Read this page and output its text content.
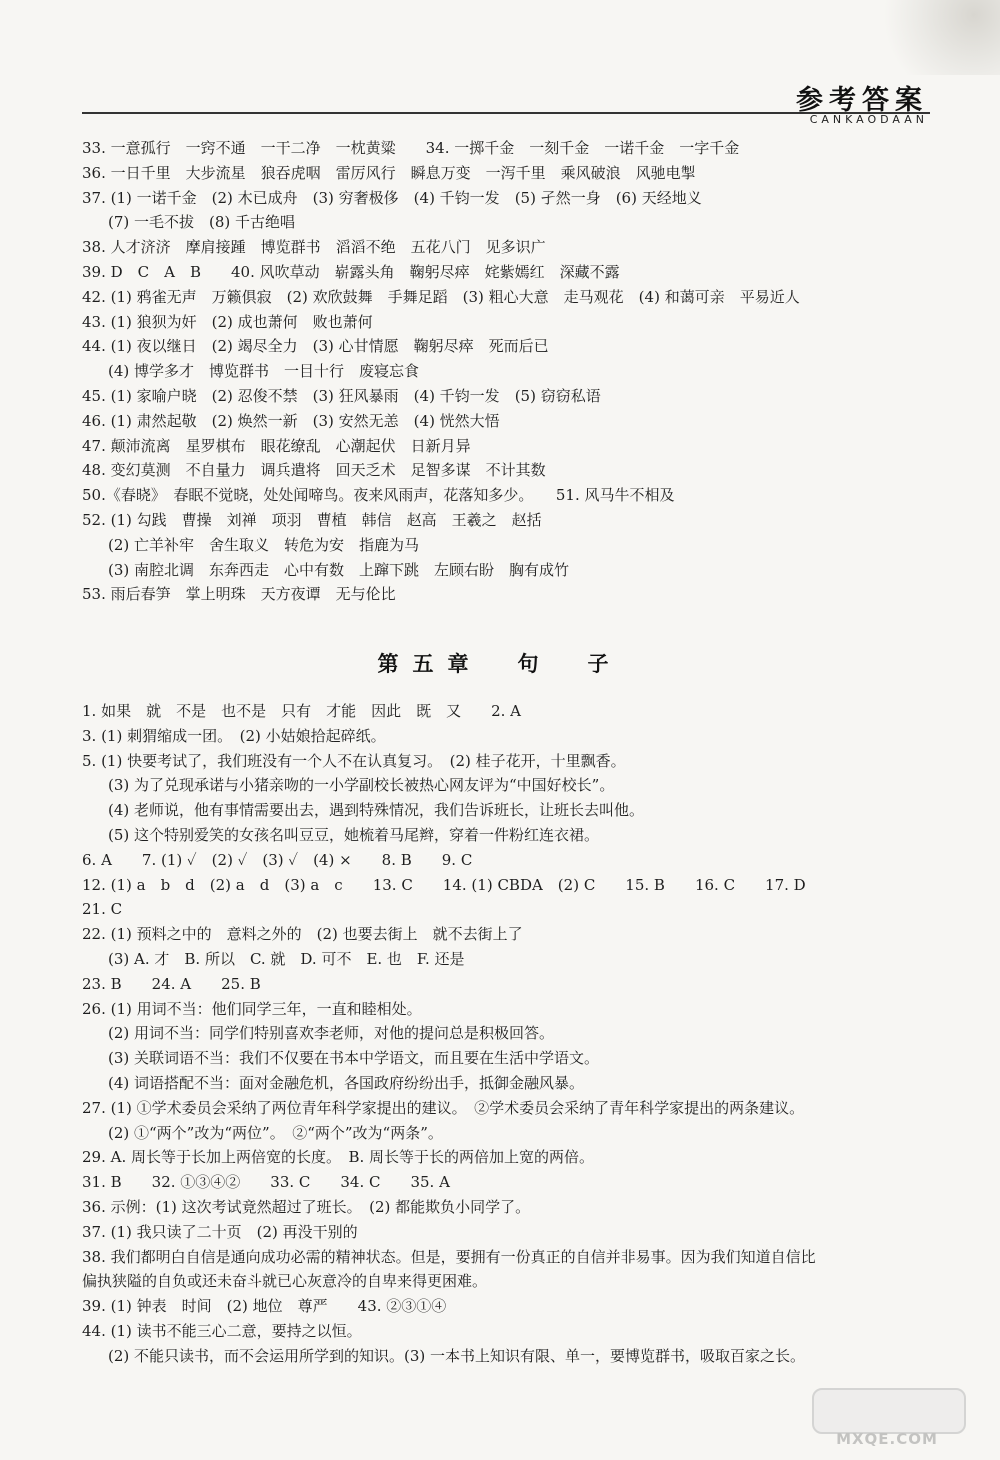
参考答案
CANKAODAAN
33. 一意孤行　一窍不通　一干二净　一枕黄粱　　34. 一掷千金　一刻千金　一诺千金　一字千金
36. 一日千里　大步流星　狼吞虎咽　雷厉风行　瞬息万变　一泻千里　乘风破浪　风驰电掣
37. (1) 一诺千金　(2) 木已成舟　(3) 穷奢极侈　(4) 千钧一发　(5) 孑然一身　(6) 天经地义
(7) 一毛不拔　(8) 千古绝唱
38. 人才济济　摩肩接踵　博览群书　滔滔不绝　五花八门　见多识广
39. D　C　A　B　　40. 风吹草动　崭露头角　鞠躬尽瘁　姹紫嫣红　深藏不露
42. (1) 鸦雀无声　万籁俱寂　(2) 欢欣鼓舞　手舞足蹈　(3) 粗心大意　走马观花　(4) 和蔼可亲　平易近人
43. (1) 狼狈为奸　(2) 成也萧何　败也萧何
44. (1) 夜以继日　(2) 竭尽全力　(3) 心甘情愿　鞠躬尽瘁　死而后已
(4) 博学多才　博览群书　一目十行　废寝忘食
45. (1) 家喻户晓　(2) 忍俊不禁　(3) 狂风暴雨　(4) 千钧一发　(5) 窃窃私语
46. (1) 肃然起敬　(2) 焕然一新　(3) 安然无恙　(4) 恍然大悟
47. 颠沛流离　星罗棋布　眼花缭乱　心潮起伏　日新月异
48. 变幻莫测　不自量力　调兵遣将　回天乏术　足智多谋　不计其数
50.《春晓》　春眠不觉晓，处处闻啼鸟。夜来风雨声，花落知多少。　　51. 风马牛不相及
52. (1) 勾践　曹操　刘禅　项羽　曹植　韩信　赵高　王羲之　赵括
(2) 亡羊补牢　舍生取义　转危为安　指鹿为马
(3) 南腔北调　东奔西走　心中有数　上蹿下跳　左顾右盼　胸有成竹
53. 雨后春笋　掌上明珠　天方夜谭　无与伦比
第五章　句　子
1. 如果　就　不是　也不是　只有　才能　因此　既　又　　2. A
3. (1) 刺猬缩成一团。　(2) 小姑娘拾起碎纸。
5. (1) 快要考试了，我们班没有一个人不在认真复习。　(2) 桂子花开，十里飘香。
(3) 为了兑现承诺与小猪亲吻的一小学副校长被热心网友评为“中国好校长”。
(4) 老师说，他有事情需要出去，遇到特殊情况，我们告诉班长，让班长去叫他。
(5) 这个特别爱笑的女孩名叫豆豆，她梳着马尾辫，穿着一件粉红连衣裙。
6. A　　7. (1) ✓　(2) ✓　(3) ✓　(4) ×　　8. B　　9. C
12. (1) a　b　d　(2) a　d　(3) a　c　　13. C　　14. (1) CBDA　(2) C　　15. B　　16. C　　17. D
21. C
22. (1) 预料之中的　意料之外的　(2) 也要去街上　就不去街上了
(3) A. 才　B. 所以　C. 就　D. 可不　E. 也　F. 还是
23. B　　24. A　　25. B
26. (1) 用词不当：他们同学三年，一直和睦相处。
(2) 用词不当：同学们特别喜欢李老师，对他的提问总是积极回答。
(3) 关联词语不当：我们不仅要在书本中学语文，而且要在生活中学语文。
(4) 词语搭配不当：面对金融危机，各国政府纷纷出手，抵御金融风暴。
27. (1) ①学术委员会采纳了两位青年科学家提出的建议。　②学术委员会采纳了青年科学家提出的两条建议。
(2) ①“两个”改为“两位”。　②“两个”改为“两条”。
29. A. 周长等于长加上两倍宽的长度。　B. 周长等于长的两倍加上宽的两倍。
31. B　　32. ①③④②　　33. C　　34. C　　35. A
36. 示例：(1) 这次考试竟然超过了班长。　(2) 都能欺负小同学了。
37. (1) 我只读了二十页　(2) 再没干别的
38. 我们都明白自信是通向成功必需的精神状态。但是，要拥有一份真正的自信并非易事。因为我们知道自信比
偏执狭隘的自负或还未奋斗就已心灰意冷的自卑来得更困难。
39. (1) 钟表　时间　(2) 地位　尊严　　43. ②③①④
44. (1) 读书不能三心二意，要持之以恒。
(2) 不能只读书，而不会运用所学到的知识。(3) 一本书上知识有限、单一，要博览群书，吸取百家之长。
MXQE.COM
